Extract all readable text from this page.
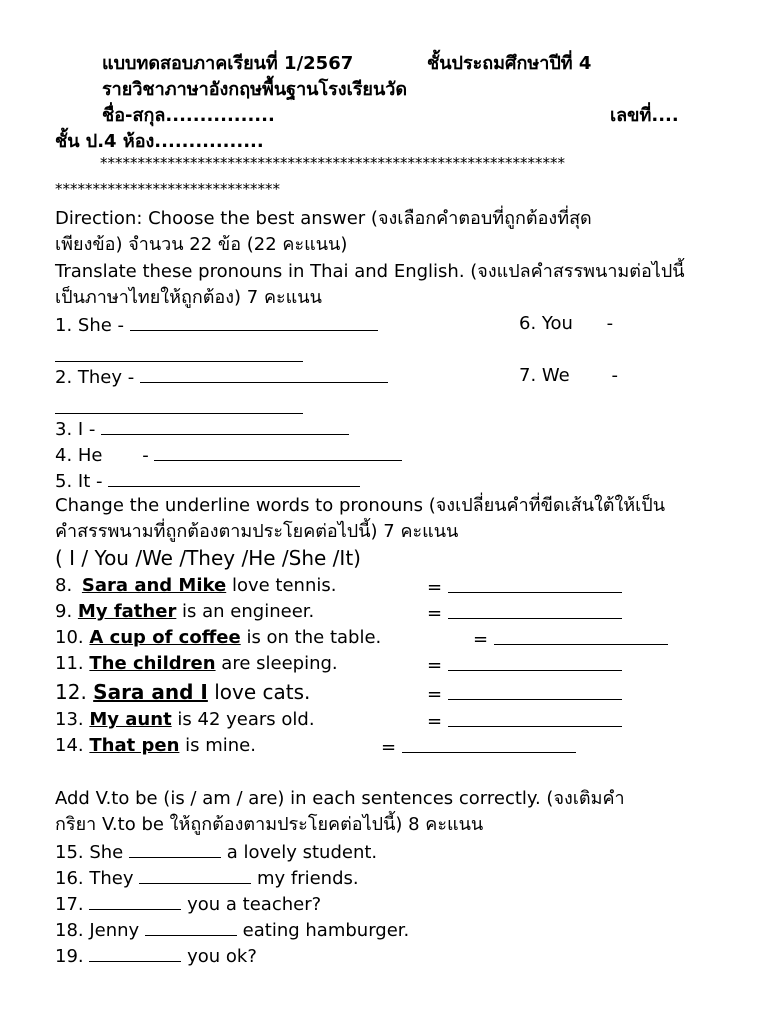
แบบทดสอบภาคเรียนที่ 1/2567	ชั้นประถมศึกษาปีที่ 4
รายวิชาภาษาอังกฤษพื้นฐานโรงเรียนวัด
ชื่อ-สกุล................	เลขที่....
ชั้น ป.4 ห้อง................
**************************************************************
******************************
Direction: Choose the best answer (จงเลือกคำตอบที่ถูกต้องที่สุด
เพียงข้อ) จำนวน 22 ข้อ (22 คะแนน)
Translate these pronouns in Thai and English. (จงแปลคำสรรพนามต่อไปนี้
เป็นภาษาไทยให้ถูกต้อง) 7 คะแนน
1. She -	6. You -
2. They -	7. We -
3. I -
4. He -
5. It -
Change the underline words to pronouns (จงเปลี่ยนคำที่ขีดเส้นใต้ให้เป็น
คำสรรพนามที่ถูกต้องตามประโยคต่อไปนี้) 7 คะแนน
( I / You /We /They /He /She /It)
8. Sara and Mike love tennis.	=
9. My father is an engineer.	=
10. A cup of coffee is on the table.	=
11. The children are sleeping.	=
12. Sara and I love cats.	=
13. My aunt is 42 years old.	=
14. That pen is mine.	=
Add V.to be (is / am / are) in each sentences correctly. (จงเติมคำ
กริยา V.to be ให้ถูกต้องตามประโยคต่อไปนี้) 8 คะแนน
15. She	a lovely student.
16. They	my friends.
17.	you a teacher?
18. Jenny	eating hamburger.
19.	you ok?
